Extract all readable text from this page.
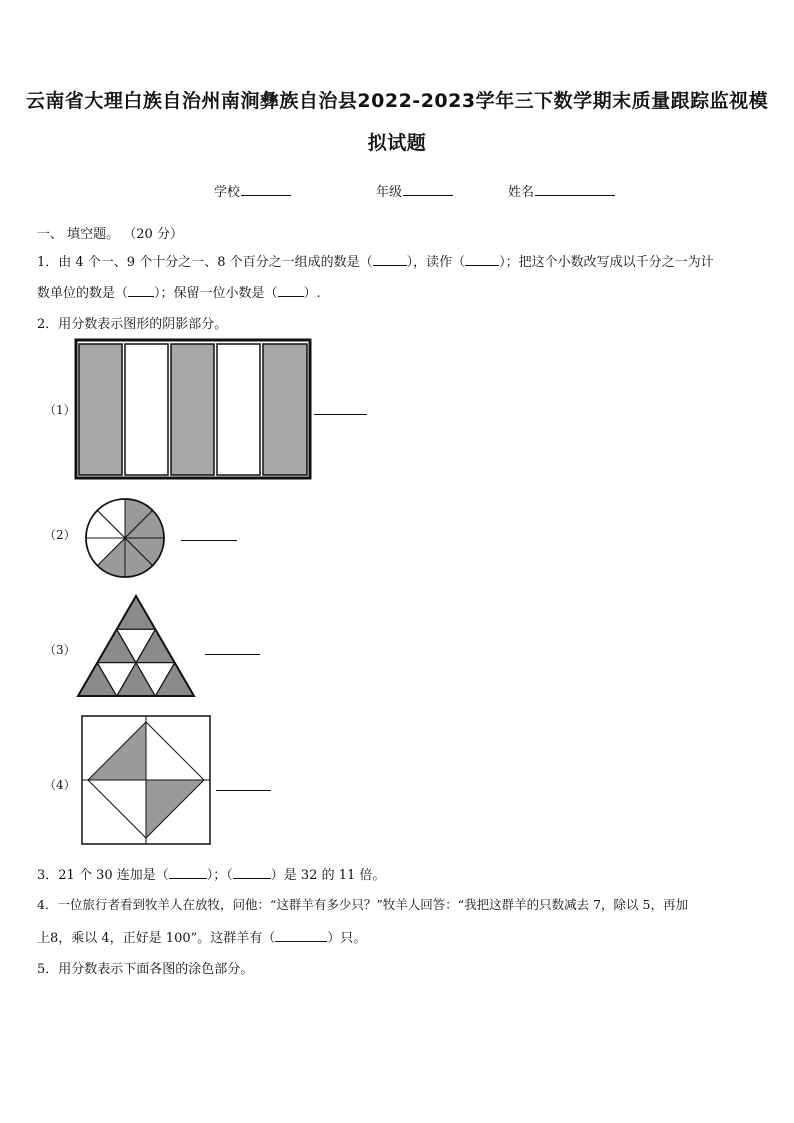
云南省大理白族自治州南涧彝族自治县2022-2023学年三下数学期末质量跟踪监视模
拟试题
学校	年级	姓名
一、 填空题。 （20 分）
1．由 4 个一、9 个十分之一、8 个百分之一组成的数是（	），读作（	）；把这个小数改写成以千分之一为计
数单位的数是（ ）；保留一位小数是（ ）.
2．用分数表示图形的阴影部分。
（1）
（2）
（3）
（4）
3．21 个 30 连加是（	）；（	）是 32 的 11 倍。
4．一位旅行者看到牧羊人在放牧，问他：“这群羊有多少只？”牧羊人回答：“我把这群羊的只数减去 7，除以 5，再加
上8，乘以 4，正好是 100”。这群羊有（	）只。
5．用分数表示下面各图的涂色部分。
